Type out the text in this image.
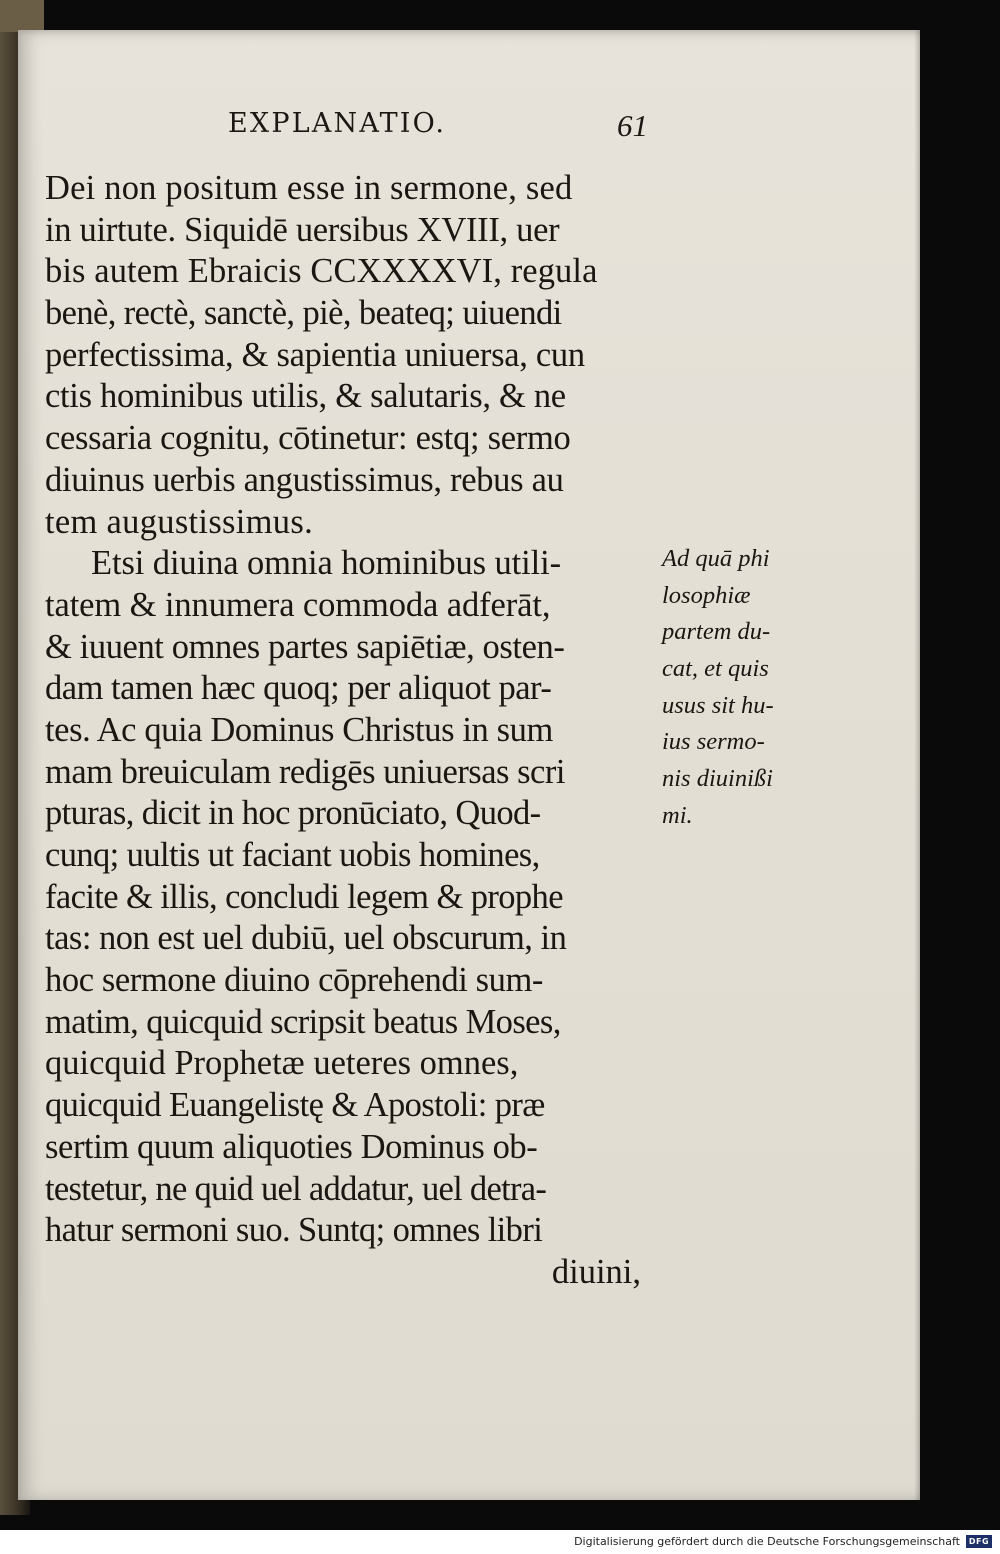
EXPLANATIO.	61
Dei non positum esse in sermone, sed
in uirtute. Siquidē uersibus XVIII, uer
bis autem Ebraicis CCXXXXVI, regula
benè, rectè, sanctè, piè, beateq; uiuendi
perfectissima, & sapientia uniuersa, cun
ctis hominibus utilis, & salutaris, & ne
cessaria cognitu, cōtinetur: estq; sermo
diuinus uerbis angustissimus, rebus au
tem augustissimus.
Etsi diuina omnia hominibus utili-
tatem & innumera commoda adferāt,
& iuuent omnes partes sapiētiæ, osten-
dam tamen hæc quoq; per aliquot par-
tes. Ac quia Dominus Christus in sum
mam breuiculam redigēs uniuersas scri
pturas, dicit in hoc pronūciato, Quod-
cunq; uultis ut faciant uobis homines,
facite & illis, concludi legem & prophe
tas: non est uel dubiū, uel obscurum, in
hoc sermone diuino cōprehendi sum-
matim, quicquid scripsit beatus Moses,
quicquid Prophetæ ueteres omnes,
quicquid Euangelistę & Apostoli: præ
sertim quum aliquoties Dominus ob-
testetur, ne quid uel addatur, uel detra-
hatur sermoni suo. Suntq; omnes libri
diuini,
Ad quā phi
losophiæ
partem du-
cat, et quis
usus sit hu-
ius sermo-
nis diuinißi
mi.
Digitalisierung gefördert durch die Deutsche Forschungsgemeinschaft	DFG
